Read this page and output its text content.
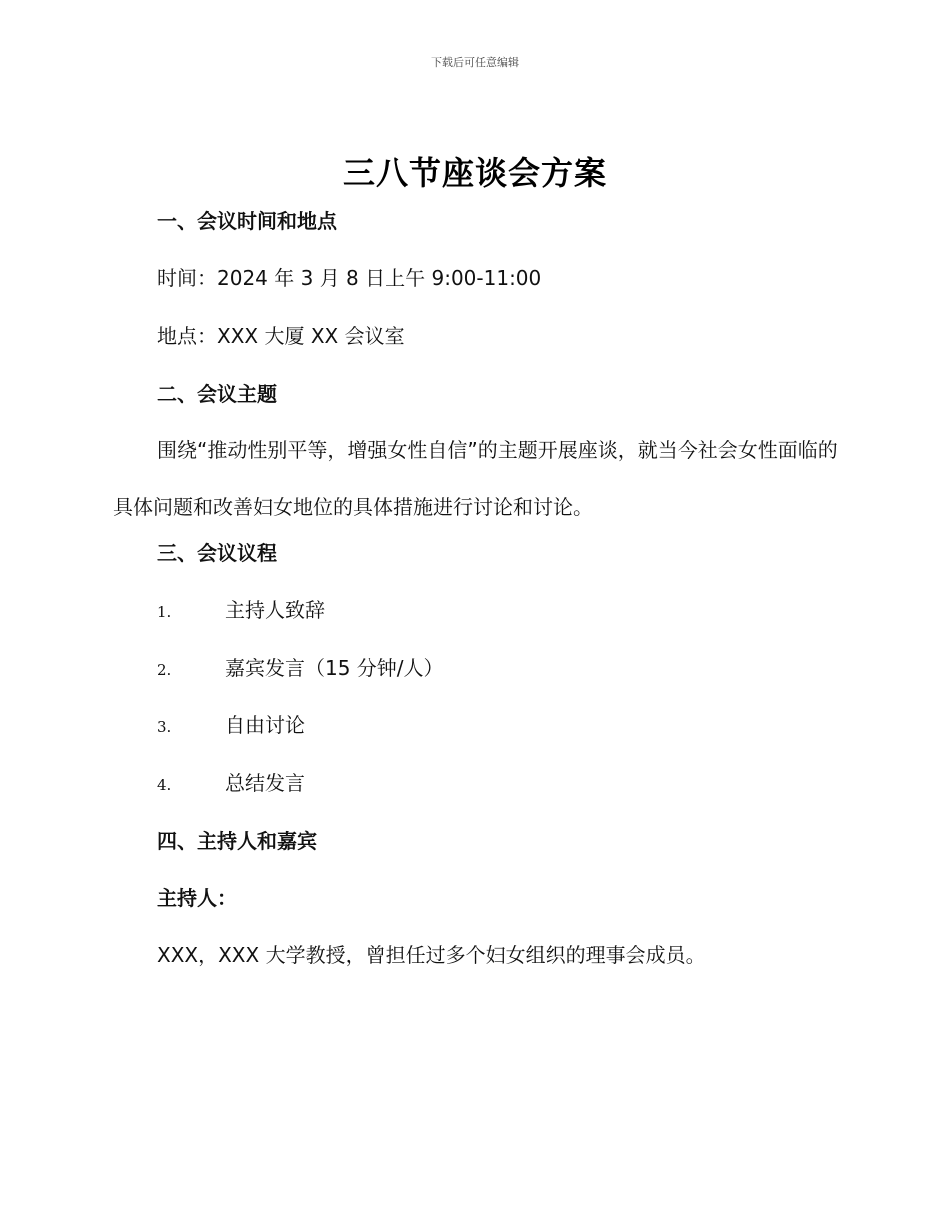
下载后可任意编辑
三八节座谈会方案
一、会议时间和地点
时间：2024 年 3 月 8 日上午 9:00-11:00
地点：XXX 大厦 XX 会议室
二、会议主题
围绕“推动性别平等，增强女性自信”的主题开展座谈，就当今社会女性面临的具体问题和改善妇女地位的具体措施进行讨论和讨论。
三、会议议程
1.	主持人致辞
2.	嘉宾发言（15 分钟/人）
3.	自由讨论
4.	总结发言
四、主持人和嘉宾
主持人：
XXX，XXX 大学教授，曾担任过多个妇女组织的理事会成员。
